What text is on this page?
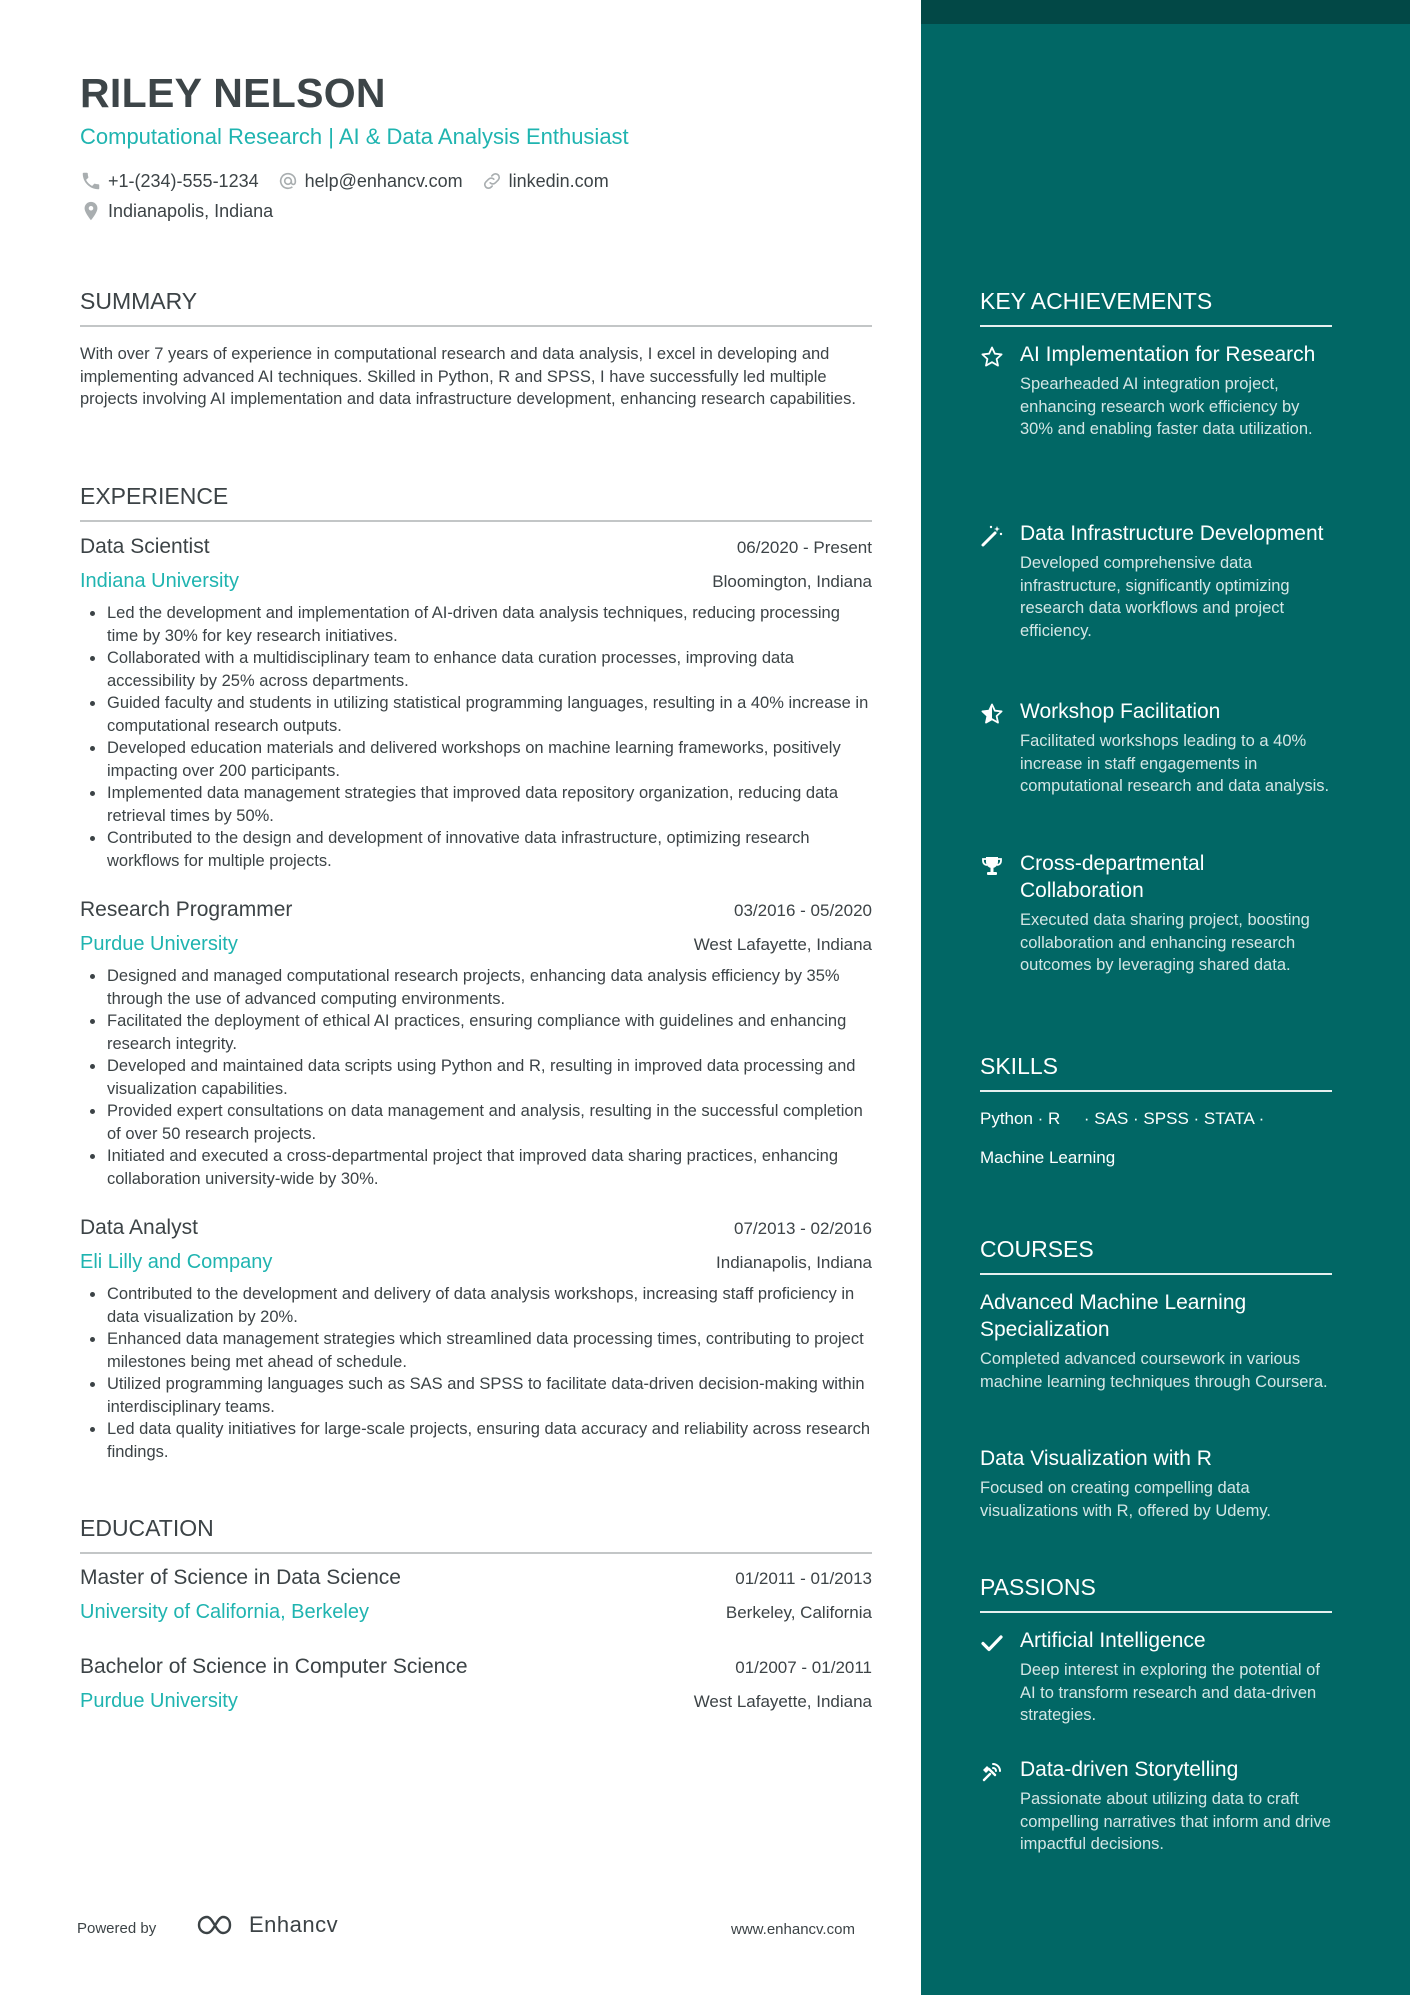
RILEY NELSON
Computational Research | AI & Data Analysis Enthusiast
+1-(234)-555-1234	help@enhancv.com	linkedin.com
Indianapolis, Indiana
SUMMARY
With over 7 years of experience in computational research and data analysis, I excel in developing and implementing advanced AI techniques. Skilled in Python, R and SPSS, I have successfully led multiple projects involving AI implementation and data infrastructure development, enhancing research capabilities.
EXPERIENCE
Data Scientist	06/2020 - Present
Indiana University	Bloomington, Indiana
Led the development and implementation of AI-driven data analysis techniques, reducing processing time by 30% for key research initiatives.
Collaborated with a multidisciplinary team to enhance data curation processes, improving data accessibility by 25% across departments.
Guided faculty and students in utilizing statistical programming languages, resulting in a 40% increase in computational research outputs.
Developed education materials and delivered workshops on machine learning frameworks, positively impacting over 200 participants.
Implemented data management strategies that improved data repository organization, reducing data retrieval times by 50%.
Contributed to the design and development of innovative data infrastructure, optimizing research workflows for multiple projects.
Research Programmer	03/2016 - 05/2020
Purdue University	West Lafayette, Indiana
Designed and managed computational research projects, enhancing data analysis efficiency by 35% through the use of advanced computing environments.
Facilitated the deployment of ethical AI practices, ensuring compliance with guidelines and enhancing research integrity.
Developed and maintained data scripts using Python and R, resulting in improved data processing and visualization capabilities.
Provided expert consultations on data management and analysis, resulting in the successful completion of over 50 research projects.
Initiated and executed a cross-departmental project that improved data sharing practices, enhancing collaboration university-wide by 30%.
Data Analyst	07/2013 - 02/2016
Eli Lilly and Company	Indianapolis, Indiana
Contributed to the development and delivery of data analysis workshops, increasing staff proficiency in data visualization by 20%.
Enhanced data management strategies which streamlined data processing times, contributing to project milestones being met ahead of schedule.
Utilized programming languages such as SAS and SPSS to facilitate data-driven decision-making within interdisciplinary teams.
Led data quality initiatives for large-scale projects, ensuring data accuracy and reliability across research findings.
EDUCATION
Master of Science in Data Science	01/2011 - 01/2013
University of California, Berkeley	Berkeley, California
Bachelor of Science in Computer Science	01/2007 - 01/2011
Purdue University	West Lafayette, Indiana
KEY ACHIEVEMENTS
AI Implementation for Research
Spearheaded AI integration project, enhancing research work efficiency by 30% and enabling faster data utilization.
Data Infrastructure Development
Developed comprehensive data infrastructure, significantly optimizing research data workflows and project efficiency.
Workshop Facilitation
Facilitated workshops leading to a 40% increase in staff engagements in computational research and data analysis.
Cross-departmental Collaboration
Executed data sharing project, boosting collaboration and enhancing research outcomes by leveraging shared data.
SKILLS
Python · R     · SAS · SPSS · STATA ·
Machine Learning
COURSES
Advanced Machine Learning Specialization
Completed advanced coursework in various machine learning techniques through Coursera.
Data Visualization with R
Focused on creating compelling data visualizations with R, offered by Udemy.
PASSIONS
Artificial Intelligence
Deep interest in exploring the potential of AI to transform research and data-driven strategies.
Data-driven Storytelling
Passionate about utilizing data to craft compelling narratives that inform and drive impactful decisions.
Powered by	Enhancv	www.enhancv.com
